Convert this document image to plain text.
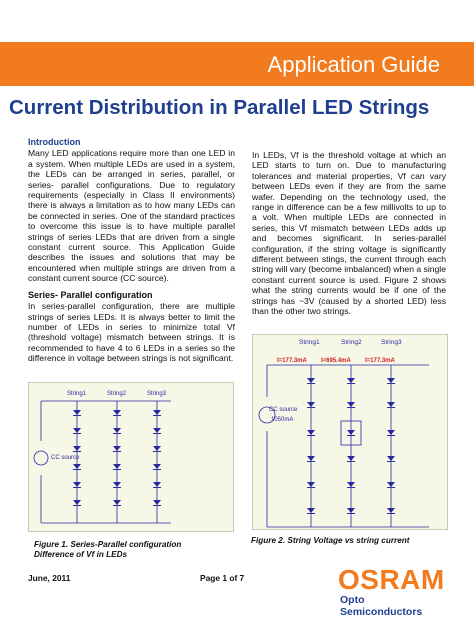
Application Guide
Current Distribution in Parallel LED Strings
Introduction

Many LED applications require more than one LED in a system. When multiple LEDs are used in a system, the LEDs can be arranged in series, parallel, or series- parallel configurations. Due to regulatory requirements (especially in Class II environments) there is always a limitation as to how many LEDs can be connected in series. One of the standard practices to overcome this issue is to have multiple parallel strings of series LEDs that are driven from a single constant current source. This Application Guide describes the issues and solutions that may be encountered when multiple strings are driven from a constant current source (CC source).

Series- Parallel configuration

In series-parallel configuration, there are multiple strings of series LEDs. It is always better to limit the number of LEDs in series to minimize total Vf (threshold voltage) mismatch between strings. It is recommended to have 4 to 6 LEDs in a series so the difference in voltage between strings is not significant.

In LEDs, Vf is the threshold voltage at which an LED starts to turn on. Due to manufacturing tolerances and material properties, Vf can vary between LEDs even if they are from the same wafer. Depending on the technology used, the range in difference can be a few millivolts to up to a volt. When multiple LEDs are connected in series, this Vf mismatch between LEDs adds up and becomes significant. In series-parallel configuration, if the string voltage is significantly different between stings, the current through each string will vary (become imbalanced) when a single constant current source is used. Figure 2 shows what the string currents would be if one of the strings has ~3V (caused by a shorted LED) less than the other two strings.

String1	String2	String3
CC source
Figure 1. Series-Parallel configuration
Difference of Vf in LEDs
String1	String2	String3
I=177.3mA I=695.4mA I=177.3mA
CC source
1050mA
Figure 2. String Voltage vs string current
June, 2011	Page 1 of 7	OSRAM
Opto Semiconductors
